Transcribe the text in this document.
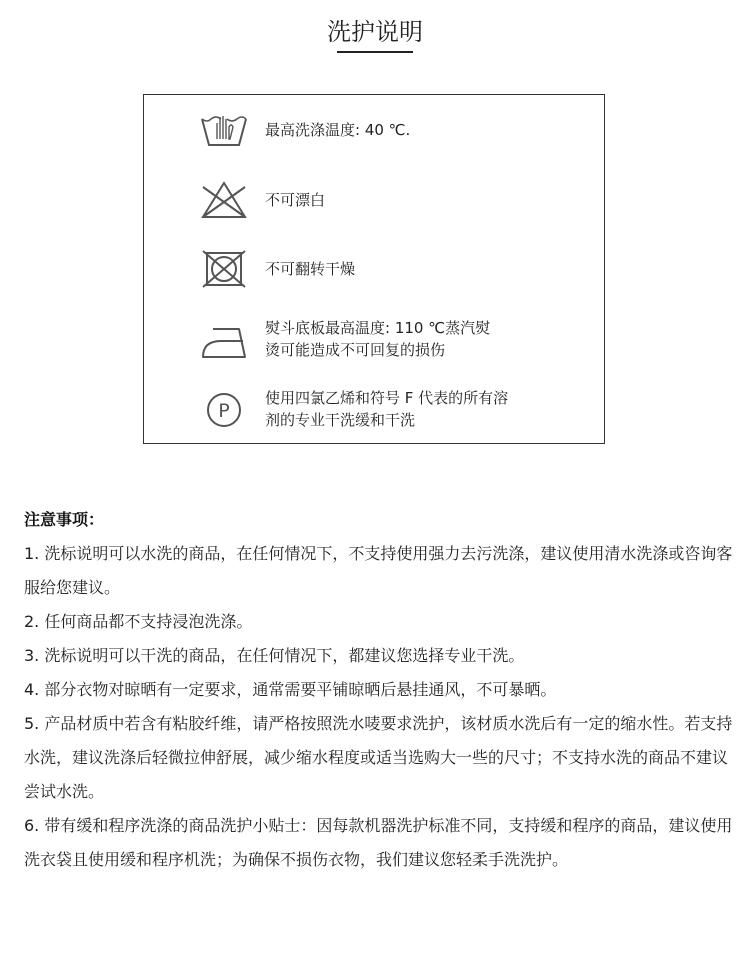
洗护说明
最高洗涤温度: 40 ℃.
不可漂白
不可翻转干燥
熨斗底板最高温度: 110 ℃蒸汽熨
烫可能造成不可回复的损伤
P
使用四氯乙烯和符号 F 代表的所有溶
剂的专业干洗缓和干洗
注意事项：
1. 洗标说明可以水洗的商品，在任何情况下，不支持使用强力去污洗涤，建议使用清水洗涤或咨询客服给您建议。
2. 任何商品都不支持浸泡洗涤。
3. 洗标说明可以干洗的商品，在任何情况下，都建议您选择专业干洗。
4. 部分衣物对晾晒有一定要求，通常需要平铺晾晒后悬挂通风，不可暴晒。
5. 产品材质中若含有粘胶纤维，请严格按照洗水唛要求洗护，该材质水洗后有一定的缩水性。若支持水洗，建议洗涤后轻微拉伸舒展，减少缩水程度或适当选购大一些的尺寸；不支持水洗的商品不建议尝试水洗。
6. 带有缓和程序洗涤的商品洗护小贴士：因每款机器洗护标准不同，支持缓和程序的商品，建议使用洗衣袋且使用缓和程序机洗；为确保不损伤衣物，我们建议您轻柔手洗洗护。
